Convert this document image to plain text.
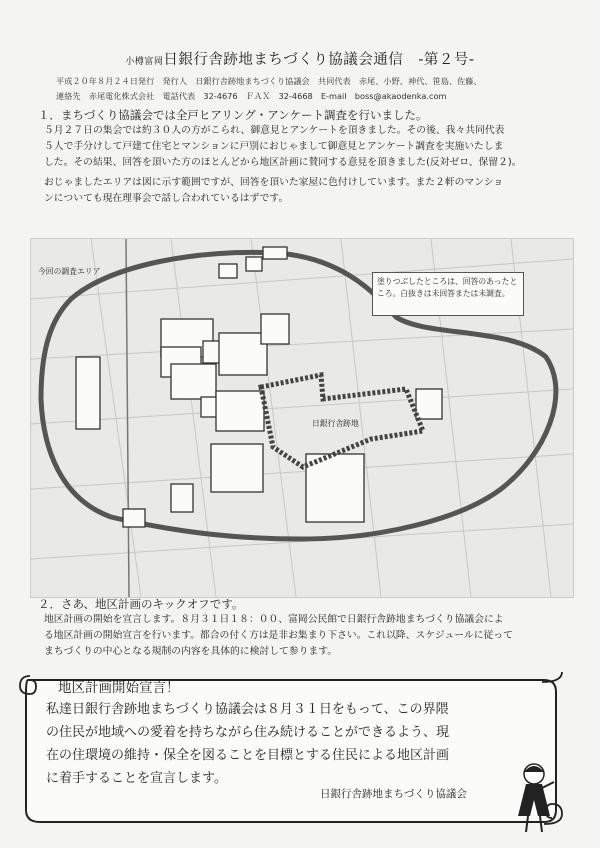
小樽富岡日銀行舎跡地まちづくり協議会通信　-第２号-
平成２０年８月２４日発行　発行人　日銀行舎跡地まちづくり協議会　共同代表　赤尾、小野、神代、笹島、佐藤、
連絡先　赤尾電化株式会社　電話代表　32-4676　ＦＡＸ　32-4668　E-mail　boss@akaodenka.com
１．まちづくり協議会では全戸ヒアリング・アンケート調査を行いました。
５月２７日の集会では約３０人の方がこられ、御意見とアンケートを頂きました。その後、我々共同代表
５人で手分けして戸建て住宅とマンションに戸別におじゃまして御意見とアンケート調査を実施いたしま
した。その結果、回答を頂いた方のほとんどから地区計画に賛同する意見を頂きました(反対ゼロ、保留２)。
おじゃましたエリアは図に示す範囲ですが、回答を頂いた家屋に色付けしています。また２軒のマンショ
ンについても現在理事会で話し合われているはずです。
今回の調査エリア
塗りつぶしたところは、回答のあったところ。白抜きは未回答または未調査。
日銀行舎跡地
２．さあ、地区計画のキックオフです。
地区計画の開始を宣言します。８月３１日１８：００、富岡公民館で日銀行舎跡地まちづくり協議会によ
る地区計画の開始宣言を行います。都合の付く方は是非お集まり下さい。これ以降、スケジュールに従って
まちづくりの中心となる規制の内容を具体的に検討して参ります。
地区計画開始宣言！
私達日銀行舎跡地まちづくり協議会は８月３１日をもって、この界隈
の住民が地域への愛着を持ちながら住み続けることができるよう、現
在の住環境の維持・保全を図ることを目標とする住民による地区計画
に着手することを宣言します。
日銀行舎跡地まちづくり協議会
